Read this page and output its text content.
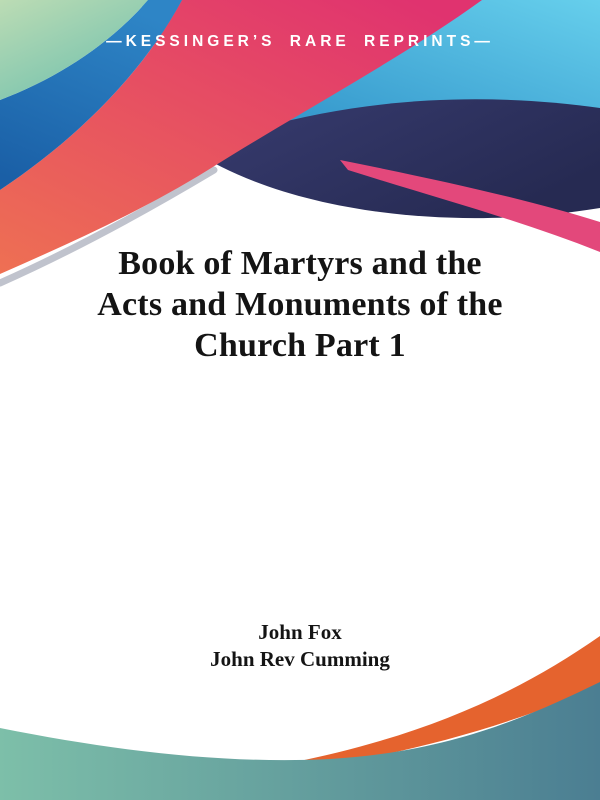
—KESSINGER’S RARE REPRINTS—
Book of Martyrs and the
Acts and Monuments of the
Church Part 1
John Fox
John Rev Cumming
